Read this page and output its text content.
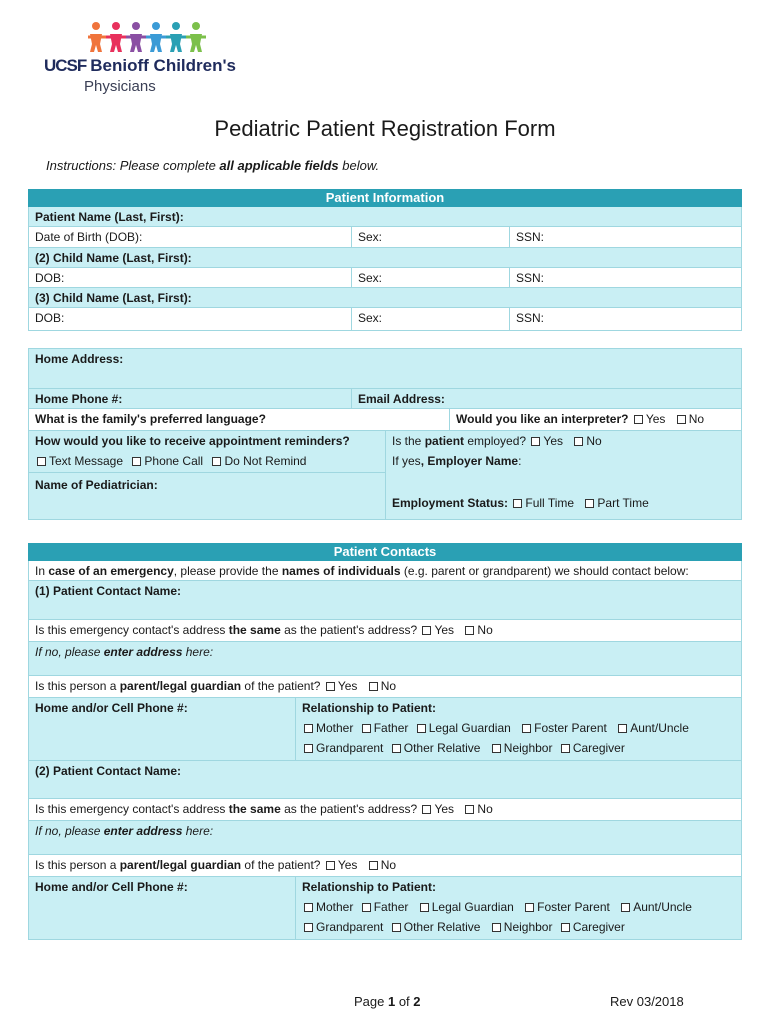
UCSF Benioff Children's
Physicians
Pediatric Patient Registration Form
Instructions: Please complete all applicable fields below.
Patient Information
Patient Name (Last, First):
Date of Birth (DOB):	Sex:	SSN:
(2) Child Name (Last, First):
DOB:	Sex:	SSN:
(3) Child Name (Last, First):
DOB:	Sex:	SSN:
Home Address:
Home Phone #:	Email Address:
What is the family's preferred language?	Would you like an interpreter? Yes No
How would you like to receive appointment reminders?
Text Message Phone Call Do Not Remind
Name of Pediatrician:
Is the patient employed? Yes No
If yes, Employer Name:
Employment Status: Full Time Part Time
Patient Contacts
In case of an emergency, please provide the names of individuals (e.g. parent or grandparent) we should contact below:
(1) Patient Contact Name:
Is this emergency contact's address the same as the patient's address? Yes No
If no, please enter address here:
Is this person a parent/legal guardian of the patient? Yes No
Home and/or Cell Phone #:	Relationship to Patient:
Mother Father Legal Guardian Foster Parent Aunt/Uncle
Grandparent Other Relative Neighbor Caregiver
(2) Patient Contact Name:
Is this emergency contact's address the same as the patient's address? Yes No
If no, please enter address here:
Is this person a parent/legal guardian of the patient? Yes No
Home and/or Cell Phone #:	Relationship to Patient:
Mother Father Legal Guardian Foster Parent Aunt/Uncle
Grandparent Other Relative Neighbor Caregiver
Page 1 of 2	Rev 03/2018
